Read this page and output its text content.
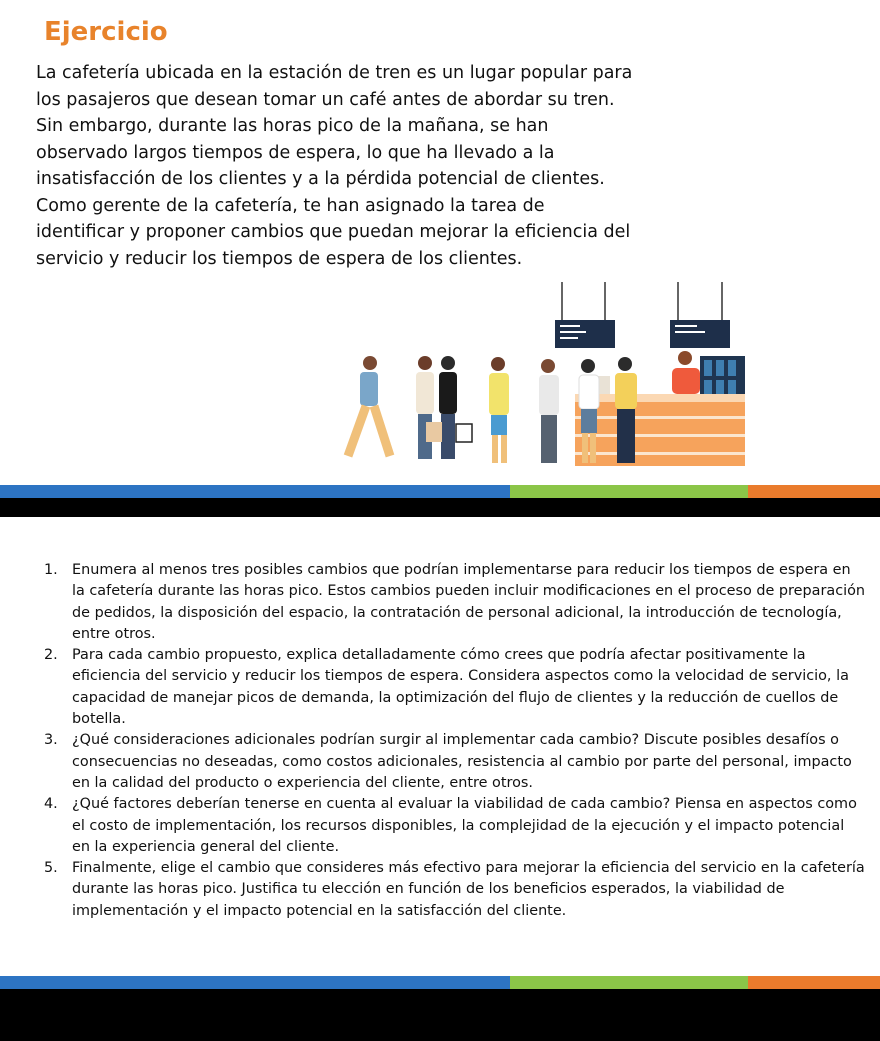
Ejercicio
La cafetería ubicada en la estación de tren es un lugar popular para los pasajeros que desean tomar un café antes de abordar su tren. Sin embargo, durante las horas pico de la mañana, se han observado largos tiempos de espera, lo que ha llevado a la insatisfacción de los clientes y a la pérdida potencial de clientes. Como gerente de la cafetería, te han asignado la tarea de identificar y proponer cambios que puedan mejorar la eficiencia del servicio y reducir los tiempos de espera de los clientes.
1. Enumera al menos tres posibles cambios que podrían implementarse para reducir los tiempos de espera en la cafetería durante las horas pico. Estos cambios pueden incluir modificaciones en el proceso de preparación de pedidos, la disposición del espacio, la contratación de personal adicional, la introducción de tecnología, entre otros.
2. Para cada cambio propuesto, explica detalladamente cómo crees que podría afectar positivamente la eficiencia del servicio y reducir los tiempos de espera. Considera aspectos como la velocidad de servicio, la capacidad de manejar picos de demanda, la optimización del flujo de clientes y la reducción de cuellos de botella.
3. ¿Qué consideraciones adicionales podrían surgir al implementar cada cambio? Discute posibles desafíos o consecuencias no deseadas, como costos adicionales, resistencia al cambio por parte del personal, impacto en la calidad del producto o experiencia del cliente, entre otros.
4. ¿Qué factores deberían tenerse en cuenta al evaluar la viabilidad de cada cambio? Piensa en aspectos como el costo de implementación, los recursos disponibles, la complejidad de la ejecución y el impacto potencial en la experiencia general del cliente.
5. Finalmente, elige el cambio que consideres más efectivo para mejorar la eficiencia del servicio en la cafetería durante las horas pico. Justifica tu elección en función de los beneficios esperados, la viabilidad de implementación y el impacto potencial en la satisfacción del cliente.
